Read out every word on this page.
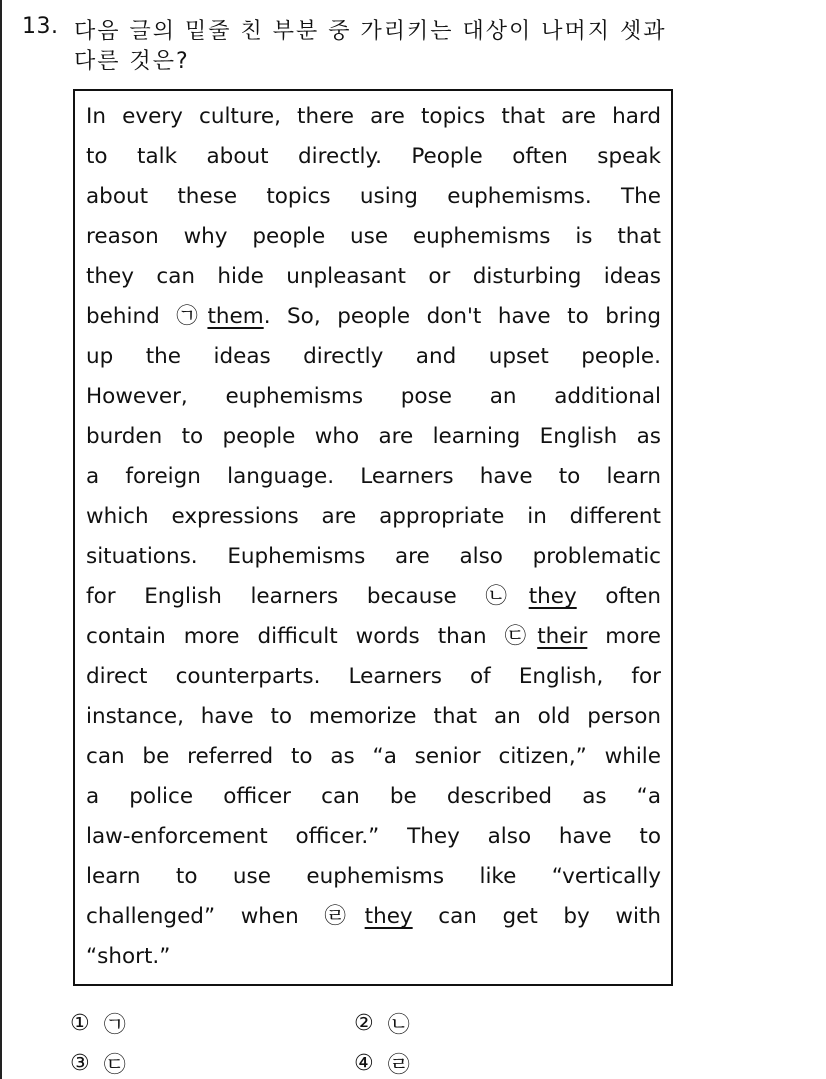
13. 다음 글의 밑줄 친 부분 중 가리키는 대상이 나머지 셋과
다른 것은?
In every culture, there are topics that are hard
to talk about directly. People often speak
about these topics using euphemisms. The
reason why people use euphemisms is that
they can hide unpleasant or disturbing ideas
behind ㉠them. So, people don't have to bring
up the ideas directly and upset people.
However, euphemisms pose an additional
burden to people who are learning English as
a foreign language. Learners have to learn
which expressions are appropriate in different
situations. Euphemisms are also problematic
for English learners because ㉡they often
contain more difficult words than ㉢their more
direct counterparts. Learners of English, for
instance, have to memorize that an old person
can be referred to as “a senior citizen,” while
a police officer can be described as “a
law-enforcement officer.” They also have to
learn to use euphemisms like “vertically
challenged” when ㉣they can get by with
“short.”
① ㉠	② ㉡
③ ㉢	④ ㉣
